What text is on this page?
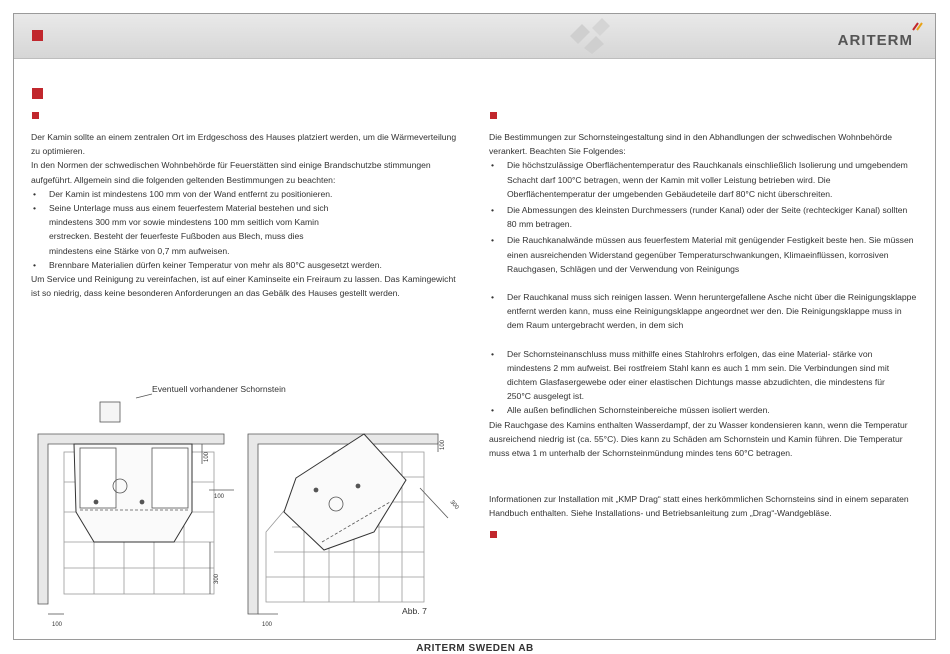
ARITERM

Der Kamin sollte an einem zentralen Ort im Erdgeschoss des Hauses platziert werden, um die Wärmeverteilung zu optimieren.

In den Normen der schwedischen Wohnbehörde für Feuerstätten sind einige Brandschutzbe stimmungen aufgeführt. Allgemein sind die folgenden geltenden Bestimmungen zu beachten:

• Der Kamin ist mindestens 100 mm von der Wand entfernt zu positionieren.
• Seine Unterlage muss aus einem feuerfestem Material bestehen und sich mindestens 300 mm vor sowie mindestens 100 mm seitlich vom Kamin erstrecken. Besteht der feuerfeste Fußboden aus Blech, muss dies mindestens eine Stärke von 0,7 mm aufweisen.
• Brennbare Materialien dürfen keiner Temperatur von mehr als 80°C ausgesetzt werden.

Um Service und Reinigung zu vereinfachen, ist auf einer Kaminseite ein Freiraum zu lassen. Das Kamingewicht ist so niedrig, dass keine besonderen Anforderungen an das Gebälk des Hauses gestellt werden.

Eventuell vorhandener Schornstein
Abb. 7
100
100
300
100
100
300
100

Die Bestimmungen zur Schornsteingestaltung sind in den Abhandlungen der schwedischen Wohnbehörde verankert. Beachten Sie Folgendes:

• Die höchstzulässige Oberflächentemperatur des Rauchkanals einschließlich Isolierung und umgebendem Schacht darf 100°C betragen, wenn der Kamin mit voller Leistung betrieben wird. Die Oberflächentemperatur der umgebenden Gebäudeteile darf 80°C nicht überschreiten.
• Die Abmessungen des kleinsten Durchmessers (runder Kanal) oder der Seite (rechteckiger Kanal) sollten 80 mm betragen.
• Die Rauchkanalwände müssen aus feuerfestem Material mit genügender Festigkeit beste hen. Sie müssen einen ausreichenden Widerstand gegenüber Temperaturschwankungen, Klimaeinflüssen, korrosiven Rauchgasen, Schlägen und der Verwendung von Reinigungs
• Der Rauchkanal muss sich reinigen lassen. Wenn heruntergefallene Asche nicht über die Reinigungsklappe entfernt werden kann, muss eine Reinigungsklappe angeordnet wer den. Die Reinigungsklappe muss in dem Raum untergebracht werden, in dem sich
• Der Schornsteinanschluss muss mithilfe eines Stahlrohrs erfolgen, das eine Material- stärke von mindestens 2 mm aufweist. Bei rostfreiem Stahl kann es auch 1 mm sein. Die Verbindungen sind mit dichtem Glasfasergewebe oder einer elastischen Dichtungs masse abzudichten, die mindestens für 250°C ausgelegt ist.
• Alle außen befindlichen Schornsteinbereiche müssen isoliert werden.

Die Rauchgase des Kamins enthalten Wasserdampf, der zu Wasser kondensieren kann, wenn die Temperatur ausreichend niedrig ist (ca. 55°C). Dies kann zu Schäden am Schornstein und Kamin führen. Die Temperatur muss etwa 1 m unterhalb der Schornsteinmündung mindes tens 60°C betragen.

Informationen zur Installation mit „KMP Drag“ statt eines herkömmlichen Schornsteins sind in einem separaten Handbuch enthalten. Siehe Installations- und Betriebsanleitung zum „Drag“-Wandgebläse.

ARITERM SWEDEN AB
